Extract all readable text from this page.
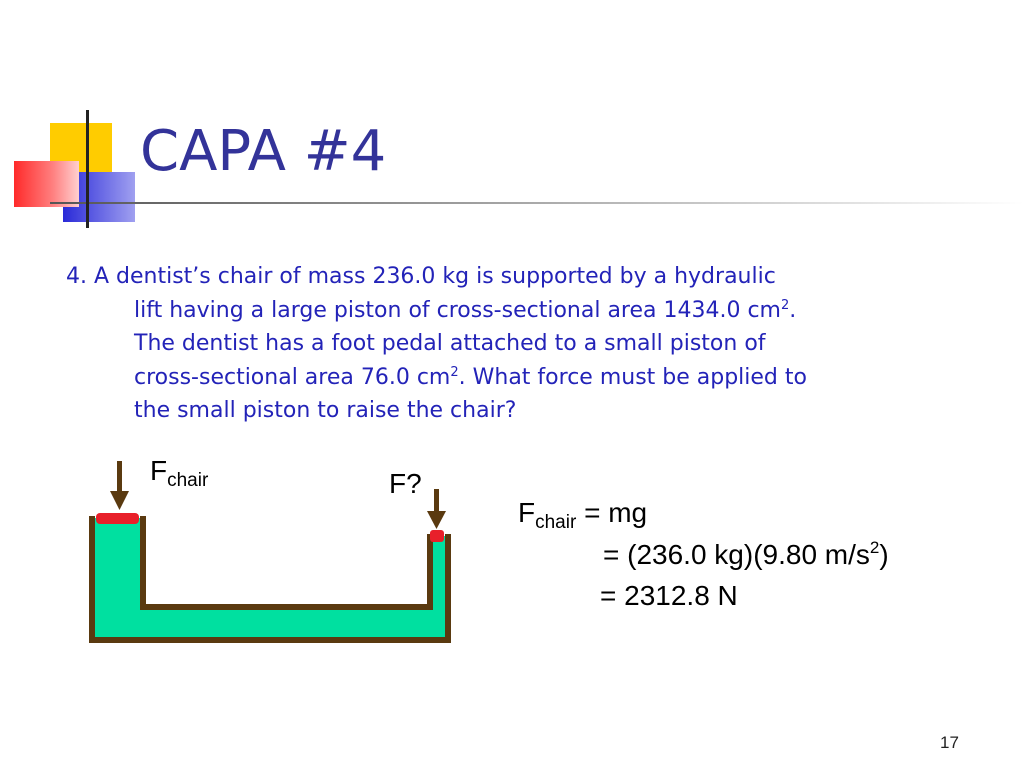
CAPA #4
4. A dentist’s chair of mass 236.0 kg is supported by a hydraulic
lift having a large piston of cross-sectional area 1434.0 $cm^2$.
The dentist has a foot pedal attached to a small piston of
cross-sectional area 76.0 $cm^2$. What force must be applied to
the small piston to raise the chair?
$F_{chair}$	F?
$F_{chair}$ = mg
= (236.0 kg)(9.80 $m/s^2$)
= 2312.8 N
17
